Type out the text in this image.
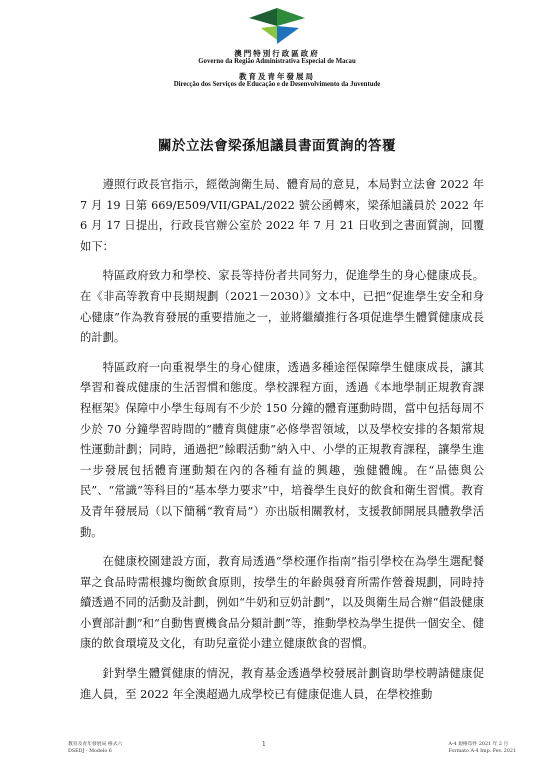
澳門特別行政區政府
Governo da Região Administrativa Especial de Macau
教育及青年發展局
Direcção dos Serviços de Educação e de Desenvolvimento da Juventude
關於立法會梁孫旭議員書面質詢的答覆

遵照行政長官指示，經徵詢衛生局、體育局的意見，本局對立法會 2022 年 7 月 19 日第 669/E509/VII/GPAL/2022 號公函轉來，梁孫旭議員於 2022 年 6 月 17 日提出，行政長官辦公室於 2022 年 7 月 21 日收到之書面質詢，回覆如下：

特區政府致力和學校、家長等持份者共同努力，促進學生的身心健康成長。在《非高等教育中長期規劃（2021－2030）》文本中，已把“促進學生安全和身心健康”作為教育發展的重要措施之一，並將繼續推行各項促進學生體質健康成長的計劃。

特區政府一向重視學生的身心健康，透過多種途徑保障學生健康成長，讓其學習和養成健康的生活習慣和態度。學校課程方面，透過《本地學制正規教育課程框架》保障中小學生每周有不少於 150 分鐘的體育運動時間，當中包括每周不少於 70 分鐘學習時間的“體育與健康”必修學習領域，以及學校安排的各類常規性運動計劃；同時，通過把“餘暇活動”納入中、小學的正規教育課程，讓學生進一步發展包括體育運動類在內的各種有益的興趣，強健體魄。在“品德與公民”、“常識”等科目的“基本學力要求”中，培養學生良好的飲食和衛生習慣。教育及青年發展局（以下簡稱“教育局”）亦出版相關教材，支援教師開展具體教學活動。

在健康校園建設方面，教育局透過“學校運作指南”指引學校在為學生選配餐單之食品時需根據均衡飲食原則，按學生的年齡與發育所需作營養規劃，同時持續透過不同的活動及計劃，例如“牛奶和豆奶計劃”，以及與衛生局合辦“倡設健康小賣部計劃”和“自動售賣機食品分類計劃”等，推動學校為學生提供一個安全、健康的飲食環境及文化，有助兒童從小建立健康飲食的習慣。

針對學生體質健康的情況，教育基金透過學校發展計劃資助學校聘請健康促進人員，至 2022 年全澳超過九成學校已有健康促進人員，在學校推動

教育及青年發展局 格式六
DSEDJ - Modelo 6
1	A-4 規格印件 2021 年 2 月
Formato A-4 Imp. Fev. 2021
